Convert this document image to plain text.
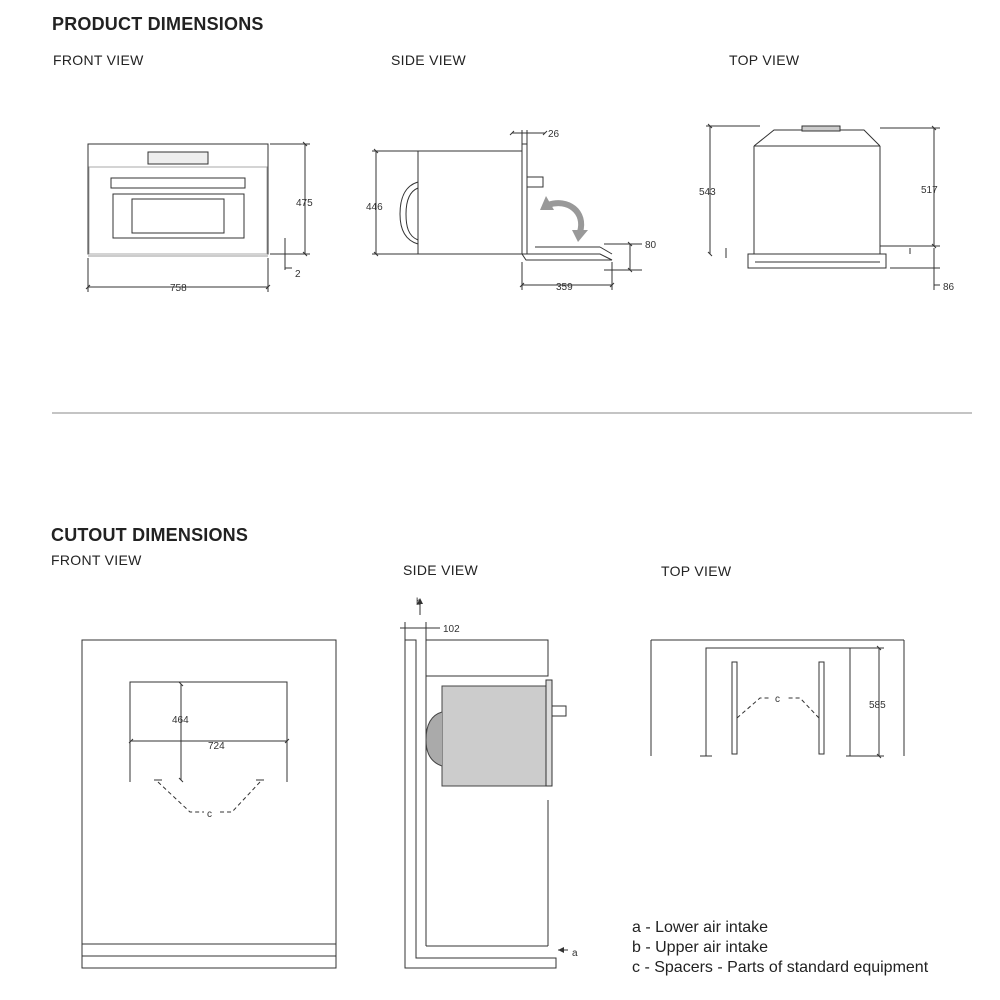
PRODUCT DIMENSIONS
FRONT VIEW	SIDE VIEW	TOP VIEW
CUTOUT DIMENSIONS
FRONT VIEW
SIDE VIEW	TOP VIEW
758
475
2
446
26
359
80
543	517
86
464
724
c
b
102
a
c
585
a - Lower air intake
b - Upper air intake
c - Spacers - Parts of standard equipment
